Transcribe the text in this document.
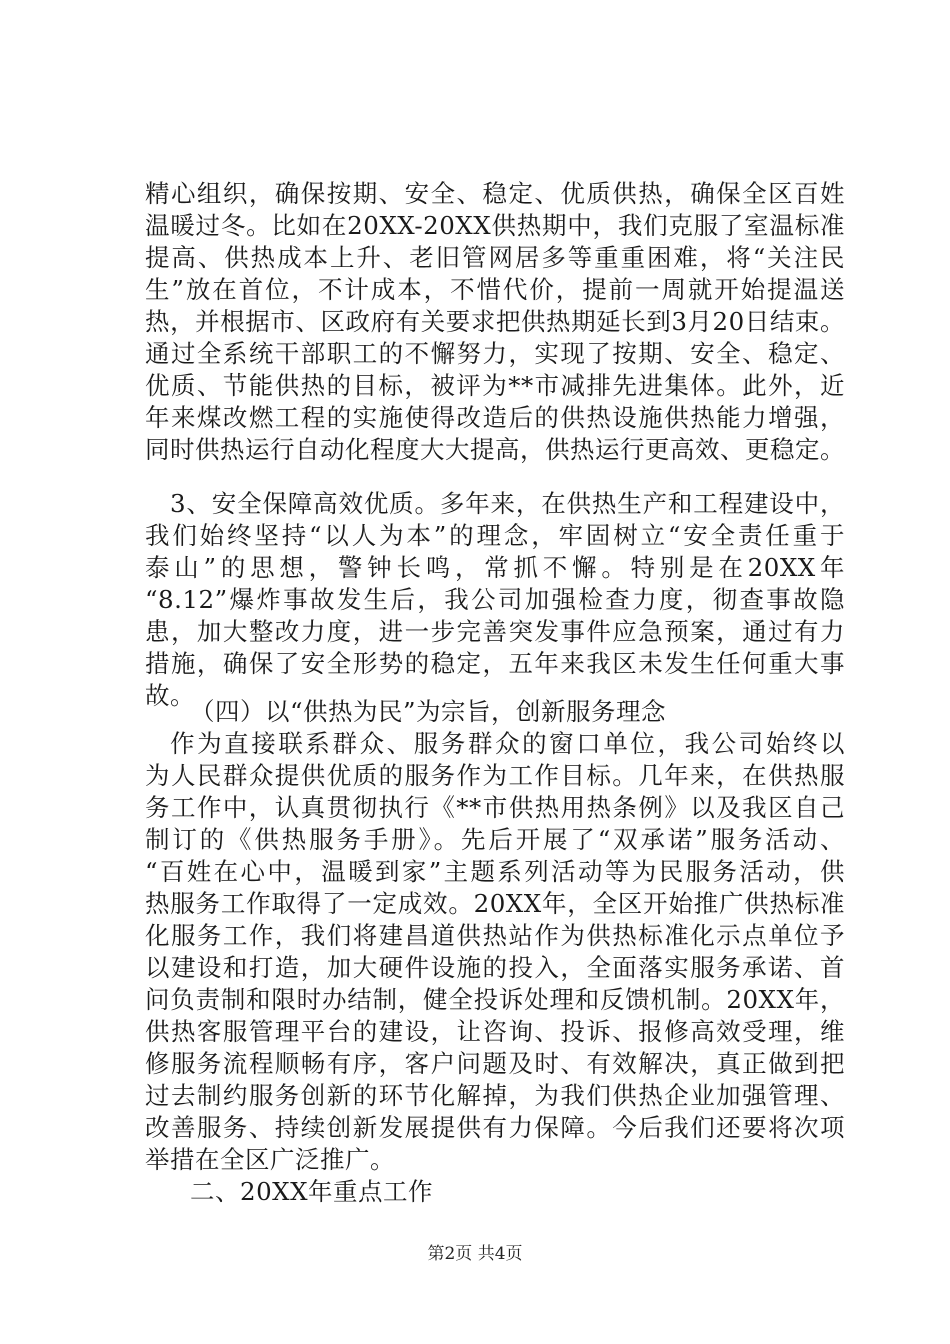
精心组织，确保按期、安全、稳定、优质供热，确保全区百姓
温暖过冬。比如在20XX-20XX供热期中，我们克服了室温标准
提高、供热成本上升、老旧管网居多等重重困难，将“关注民
生”放在首位，不计成本，不惜代价，提前一周就开始提温送
热，并根据市、区政府有关要求把供热期延长到3月20日结束。
通过全系统干部职工的不懈努力，实现了按期、安全、稳定、
优质、节能供热的目标，被评为**市减排先进集体。此外，近
年来煤改燃工程的实施使得改造后的供热设施供热能力增强，
同时供热运行自动化程度大大提高，供热运行更高效、更稳定。
3、安全保障高效优质。多年来，在供热生产和工程建设中，
我们始终坚持“以人为本”的理念，牢固树立“安全责任重于
泰山”的思想，警钟长鸣，常抓不懈。特别是在20XX年
“8.12”爆炸事故发生后，我公司加强检查力度，彻查事故隐
患，加大整改力度，进一步完善突发事件应急预案，通过有力
措施，确保了安全形势的稳定，五年来我区未发生任何重大事
故。
（四）以“供热为民”为宗旨，创新服务理念
作为直接联系群众、服务群众的窗口单位，我公司始终以
为人民群众提供优质的服务作为工作目标。几年来，在供热服
务工作中，认真贯彻执行《**市供热用热条例》以及我区自己
制订的《供热服务手册》。先后开展了“双承诺”服务活动、
“百姓在心中，温暖到家”主题系列活动等为民服务活动，供
热服务工作取得了一定成效。20XX年，全区开始推广供热标准
化服务工作，我们将建昌道供热站作为供热标准化示点单位予
以建设和打造，加大硬件设施的投入，全面落实服务承诺、首
问负责制和限时办结制，健全投诉处理和反馈机制。20XX年，
供热客服管理平台的建设，让咨询、投诉、报修高效受理，维
修服务流程顺畅有序，客户问题及时、有效解决，真正做到把
过去制约服务创新的环节化解掉，为我们供热企业加强管理、
改善服务、持续创新发展提供有力保障。今后我们还要将次项
举措在全区广泛推广。
二、20XX年重点工作
第2页 共4页
